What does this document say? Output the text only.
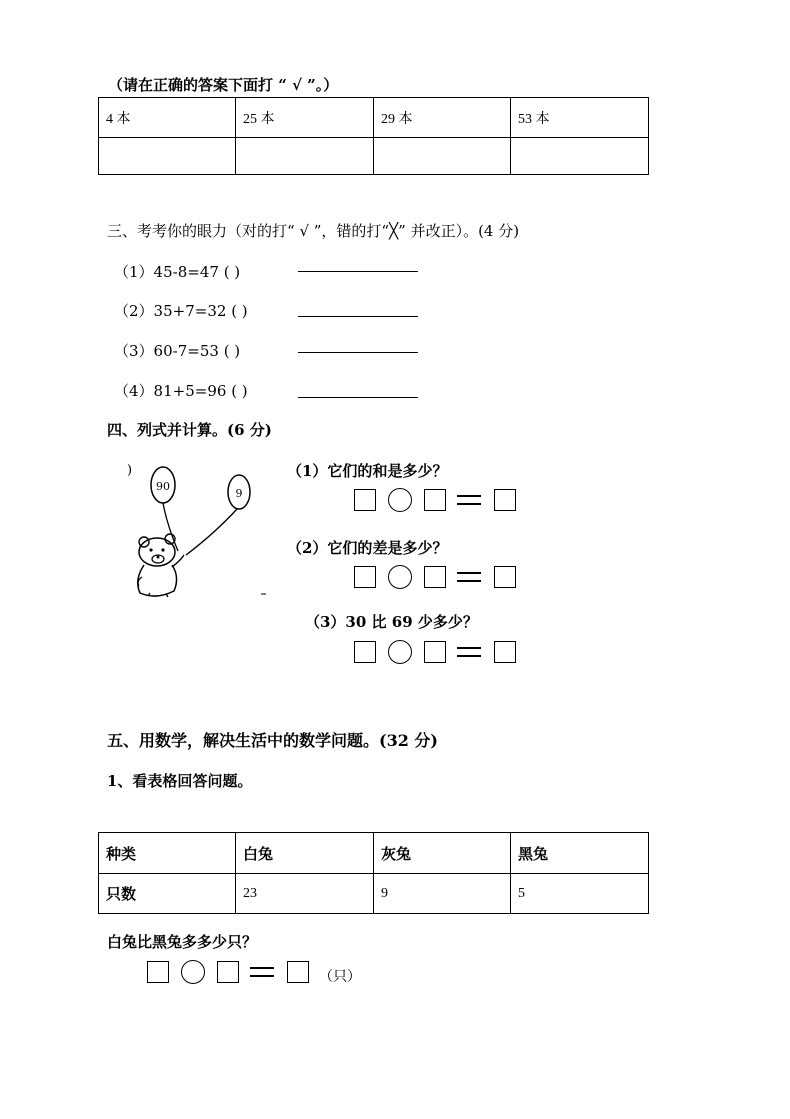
（请在正确的答案下面打 “ √ ”。）
4 本	25 本	29 本	53 本

三、考考你的眼力（对的打“ √ ”，错的打“╳” 并改正）。(4 分)
（1）45-8=47 ( )
（2）35+7=32 ( )
（3）60-7=53 ( )
（4）81+5=96 ( )
四、列式并计算。(6 分)
)
90
9
（1）它们的和是多少？
（2）它们的差是多少？
（3）30 比 69 少多少？
五、用数学，解决生活中的数学问题。(32 分)
1、看表格回答问题。
种类	白兔	灰兔	黑兔
只数	23	9	5
白兔比黑兔多多少只？
（只）
